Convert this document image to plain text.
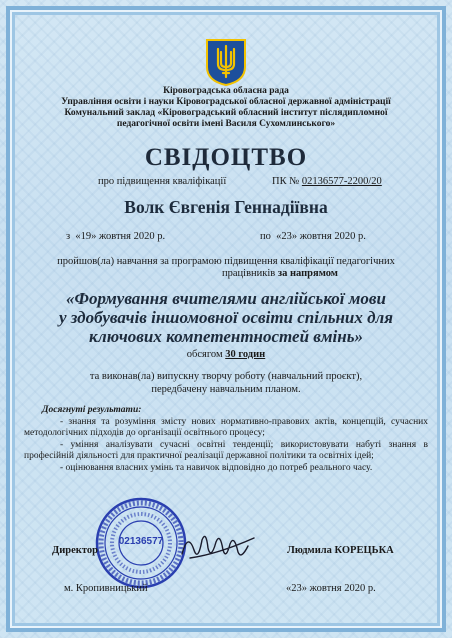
Кіровоградська обласна рада
Управління освіти і науки Кіровоградської обласної державної адміністрації
Комунальний заклад «Кіровоградський обласний інститут післядипломної
педагогічної освіти імені Василя Сухомлинського»
СВІДОЦТВО
про підвищення кваліфікації	ПК № 02136577-2200/20
Волк Євгенія Геннадіївна
з «19» жовтня 2020 р.	по «23» жовтня 2020 р.
пройшов(ла) навчання за програмою підвищення кваліфікації педагогічних
працівників за напрямом
«Формування вчителями англійської мови
у здобувачів іншомовної освіти спільних для
ключових компетентностей вмінь»
обсягом 30 годин
та виконав(ла) випускну творчу роботу (навчальний проєкт),
передбачену навчальним планом.

Досягнуті результати:

- знання та розуміння змісту нових нормативно-правових актів, концепцій, сучасних методологічних підходів до організації освітнього процесу;

- уміння аналізувати сучасні освітні тенденції; використовувати набуті знання в професійній діяльності для практичної реалізації державної політики та освітніх ідей;

- оцінювання власних умінь та навичок відповідно до потреб реального часу.

02136577
Директор	Людмила КОРЕЦЬКА
м. Кропивницький	«23» жовтня 2020 р.
